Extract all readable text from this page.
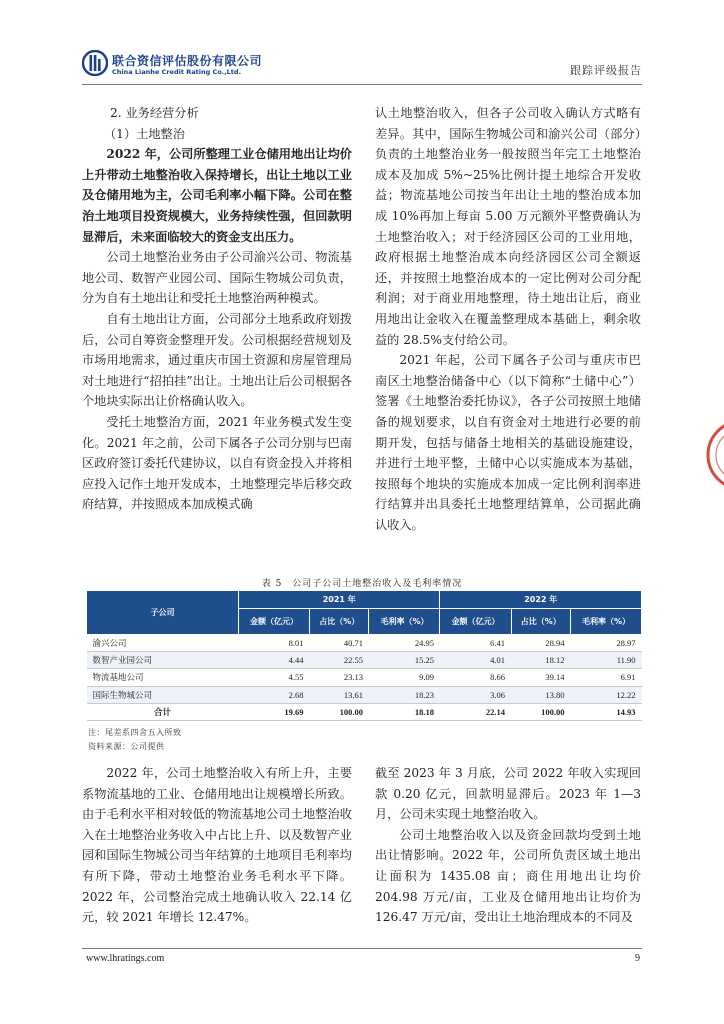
联合资信评估股份有限公司
China Lianhe Credit Rating Co.,Ltd.	跟踪评级报告

2. 业务经营分析

（1）土地整治

2022 年，公司所整理工业仓储用地出让均价上升带动土地整治收入保持增长，出让土地以工业及仓储用地为主，公司毛利率小幅下降。公司在整治土地项目投资规模大，业务持续性强，但回款明显滞后，未来面临较大的资金支出压力。

公司土地整治业务由子公司渝兴公司、物流基地公司、数智产业园公司、国际生物城公司负责，分为自有土地出让和受托土地整治两种模式。

自有土地出让方面，公司部分土地系政府划拨后，公司自筹资金整理开发。公司根据经营规划及市场用地需求，通过重庆市国土资源和房屋管理局对土地进行“招拍挂”出让。土地出让后公司根据各个地块实际出让价格确认收入。

受托土地整治方面，2021 年业务模式发生变化。2021 年之前，公司下属各子公司分别与巴南区政府签订委托代建协议，以自有资金投入并将相应投入记作土地开发成本，土地整理完毕后移交政府结算，并按照成本加成模式确

认土地整治收入，但各子公司收入确认方式略有差异。其中，国际生物城公司和渝兴公司（部分）负责的土地整治业务一般按照当年完工土地整治成本及加成 5%~25%比例计提土地综合开发收益；物流基地公司按当年出让土地的整治成本加成 10%再加上每亩 5.00 万元额外平整费确认为土地整治收入；对于经济园区公司的工业用地，政府根据土地整治成本向经济园区公司全额返还，并按照土地整治成本的一定比例对公司分配利润；对于商业用地整理，待土地出让后，商业用地出让金收入在覆盖整理成本基础上，剩余收益的 28.5%支付给公司。

2021 年起，公司下属各子公司与重庆市巴南区土地整治储备中心（以下简称“土储中心”）签署《土地整治委托协议》，各子公司按照土地储备的规划要求，以自有资金对土地进行必要的前期开发，包括与储备土地相关的基础设施建设，并进行土地平整，土储中心以实施成本为基础，按照每个地块的实施成本加成一定比例利润率进行结算并出具委托土地整理结算单，公司据此确认收入。

表 5　公司子公司土地整治收入及毛利率情况
子公司	2021 年			2022 年		
	金额（亿元）	占比（%）	毛利率（%）	金额（亿元）	占比（%）	毛利率（%）
渝兴公司	8.01	40.71	24.95	6.41	28.94	28.97
数智产业园公司	4.44	22.55	15.25	4.01	18.12	11.90
物流基地公司	4.55	23.13	9.09	8.66	39.14	6.91
国际生物城公司	2.68	13.61	18.23	3.06	13.80	12.22
合计	19.69	100.00	18.18	22.14	100.00	14.93
注：尾差系四舍五入所致
资料来源：公司提供
2022 年，公司土地整治收入有所上升，主要系物流基地的工业、仓储用地出让规模增长所致。由于毛利水平相对较低的物流基地公司土地整治收入在土地整治业务收入中占比上升、以及数智产业园和国际生物城公司当年结算的土地项目毛利率均有所下降，带动土地整治业务毛利水平下降。2022 年，公司整治完成土地确认收入 22.14 亿元，较 2021 年增长 12.47%。

截至 2023 年 3 月底，公司 2022 年收入实现回款 0.20 亿元，回款明显滞后。2023 年 1—3 月，公司未实现土地整治收入。

公司土地整治收入以及资金回款均受到土地出让情影响。2022 年，公司所负责区域土地出让面积为 1435.08 亩；商住用地出让均价 204.98 万元/亩，工业及仓储用地出让均价为 126.47 万元/亩，受出让土地治理成本的不同及

www.lhratings.com	9
